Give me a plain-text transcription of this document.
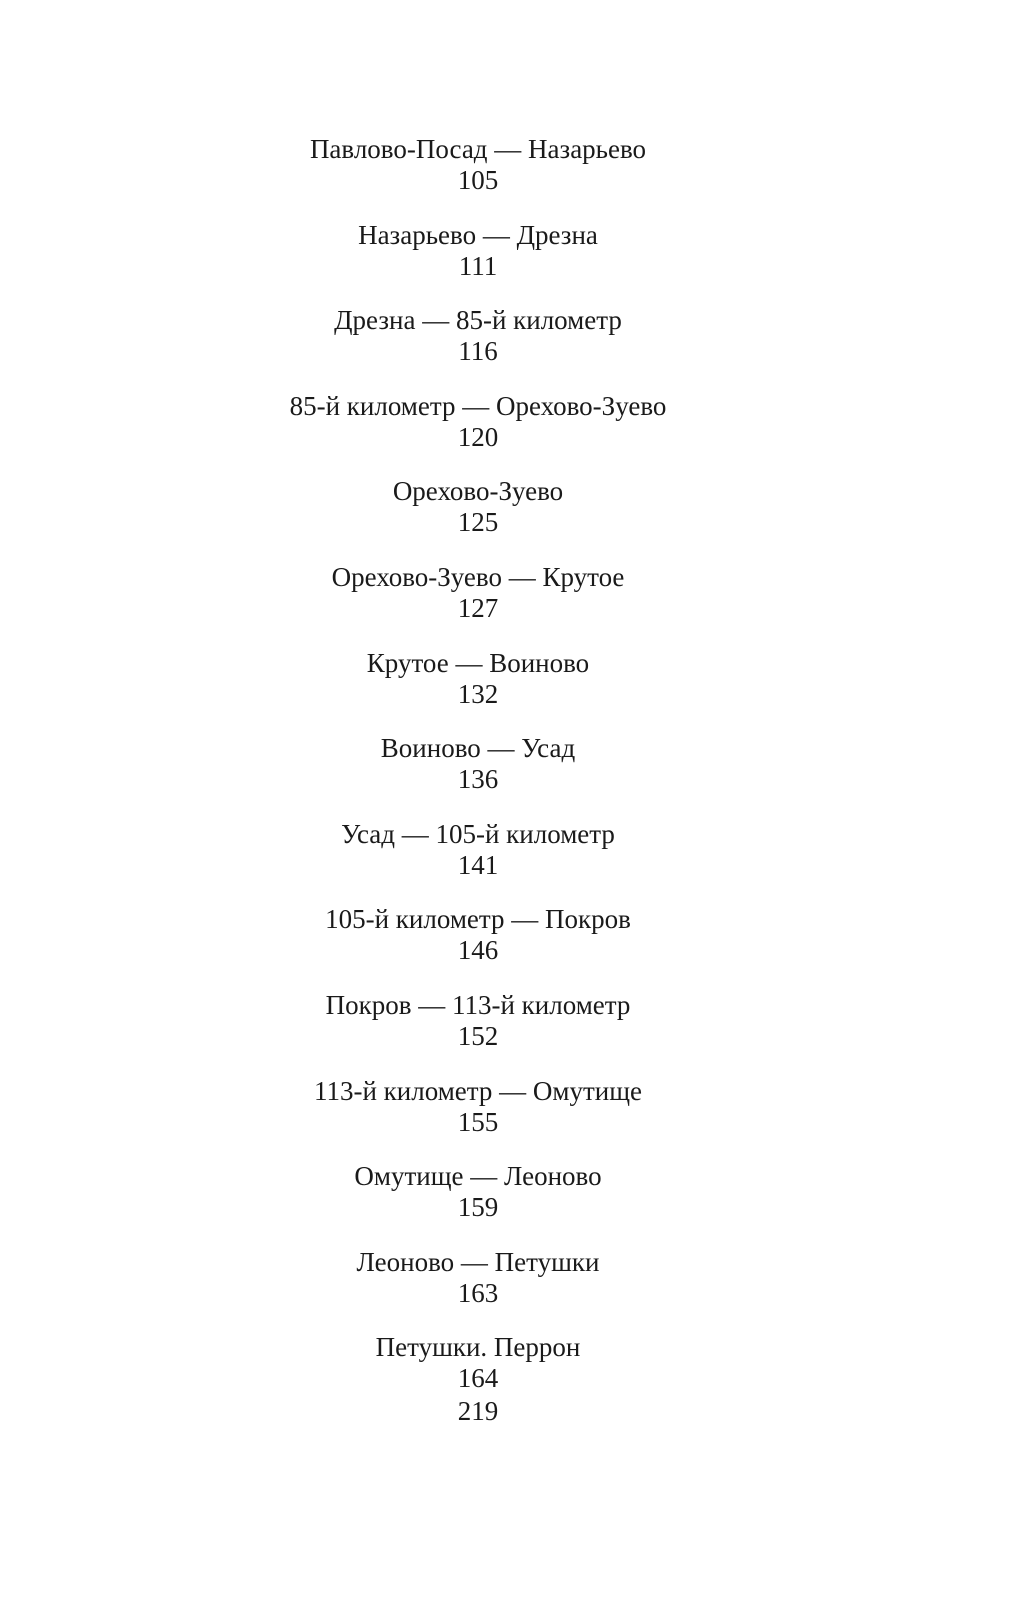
Павлово-Посад — Назарьево
105
Назарьево — Дрезна
111
Дрезна — 85-й километр
116
85-й километр — Орехово-Зуево
120
Орехово-Зуево
125
Орехово-Зуево — Крутое
127
Крутое — Воиново
132
Воиново — Усад
136
Усад — 105-й километр
141
105-й километр — Покров
146
Покров — 113-й километр
152
113-й километр — Омутище
155
Омутище — Леоново
159
Леоново — Петушки
163
Петушки. Перрон
164
219
